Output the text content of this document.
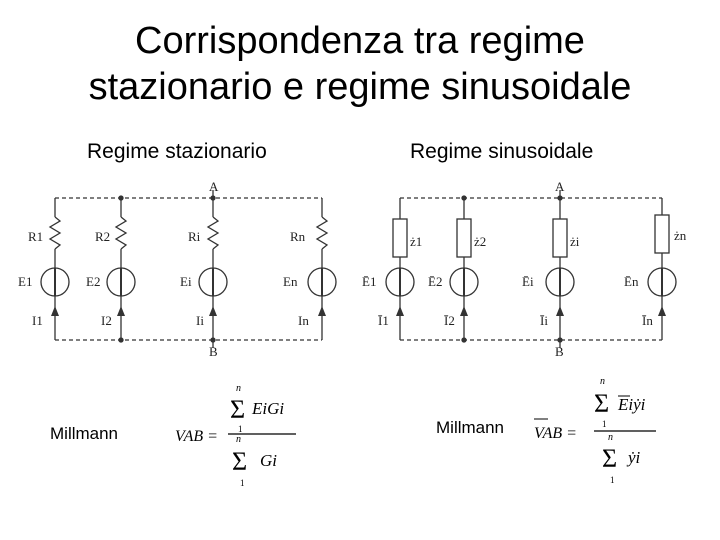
Corrispondenza tra regime
stazionario e regime sinusoidale
Regime stazionario	Regime sinusoidale
Millmann	Millmann
A
B
R1
E1
I1
R2
E2
I2
Ri
Ei
Ii
Rn
En
In
A
B
ż1
Ē1
Ī1
ż2
Ē2
Ī2
żi
Ēi
Īi
żn
Ēn
Īn
VAB =
n
Σ
1
EiGi
n
Σ
1
Gi
VAB =
n
Σ
1
Eiẏi
n
Σ
1
ẏi
